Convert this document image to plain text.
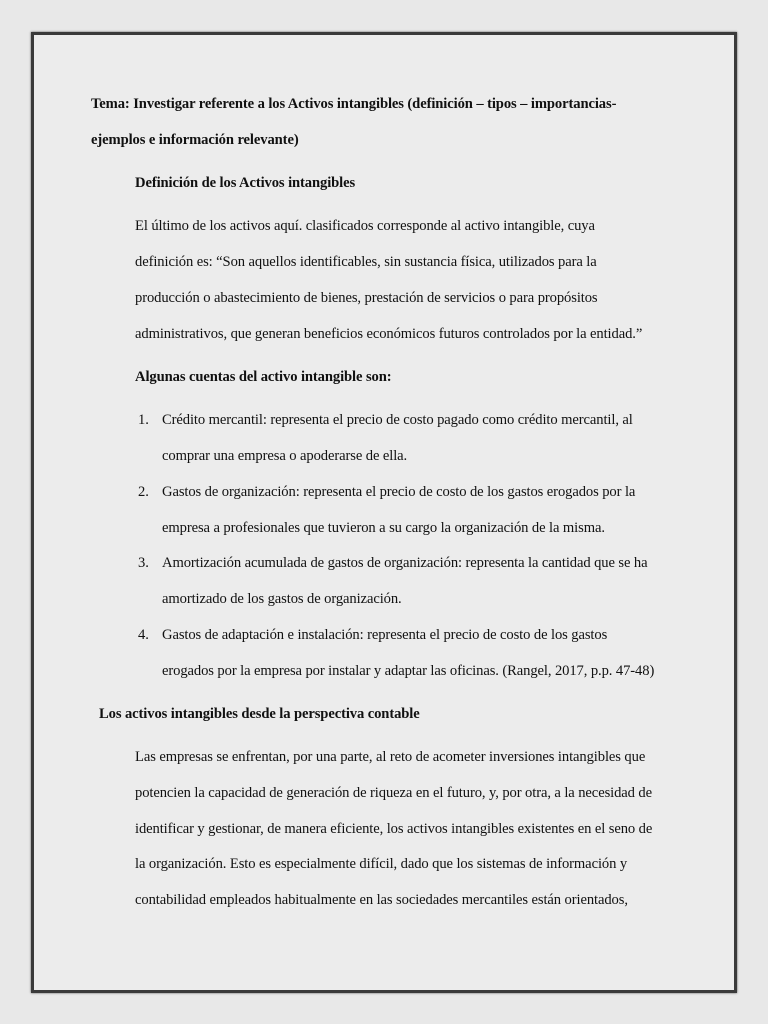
Tema: Investigar referente a los Activos intangibles (definición – tipos – importancias-
ejemplos e información relevante)
Definición de los Activos intangibles
El último de los activos aquí. clasificados corresponde al activo intangible, cuya
definición es: “Son aquellos identificables, sin sustancia física, utilizados para la
producción o abastecimiento de bienes, prestación de servicios o para propósitos
administrativos, que generan beneficios económicos futuros controlados por la entidad.”
Algunas cuentas del activo intangible son:
1. Crédito mercantil: representa el precio de costo pagado como crédito mercantil, al
comprar una empresa o apoderarse de ella.
2. Gastos de organización: representa el precio de costo de los gastos erogados por la
empresa a profesionales que tuvieron a su cargo la organización de la misma.
3. Amortización acumulada de gastos de organización: representa la cantidad que se ha
amortizado de los gastos de organización.
4. Gastos de adaptación e instalación: representa el precio de costo de los gastos
erogados por la empresa por instalar y adaptar las oficinas. (Rangel, 2017, p.p. 47-48)
Los activos intangibles desde la perspectiva contable
Las empresas se enfrentan, por una parte, al reto de acometer inversiones intangibles que
potencien la capacidad de generación de riqueza en el futuro, y, por otra, a la necesidad de
identificar y gestionar, de manera eficiente, los activos intangibles existentes en el seno de
la organización. Esto es especialmente difícil, dado que los sistemas de información y
contabilidad empleados habitualmente en las sociedades mercantiles están orientados,
